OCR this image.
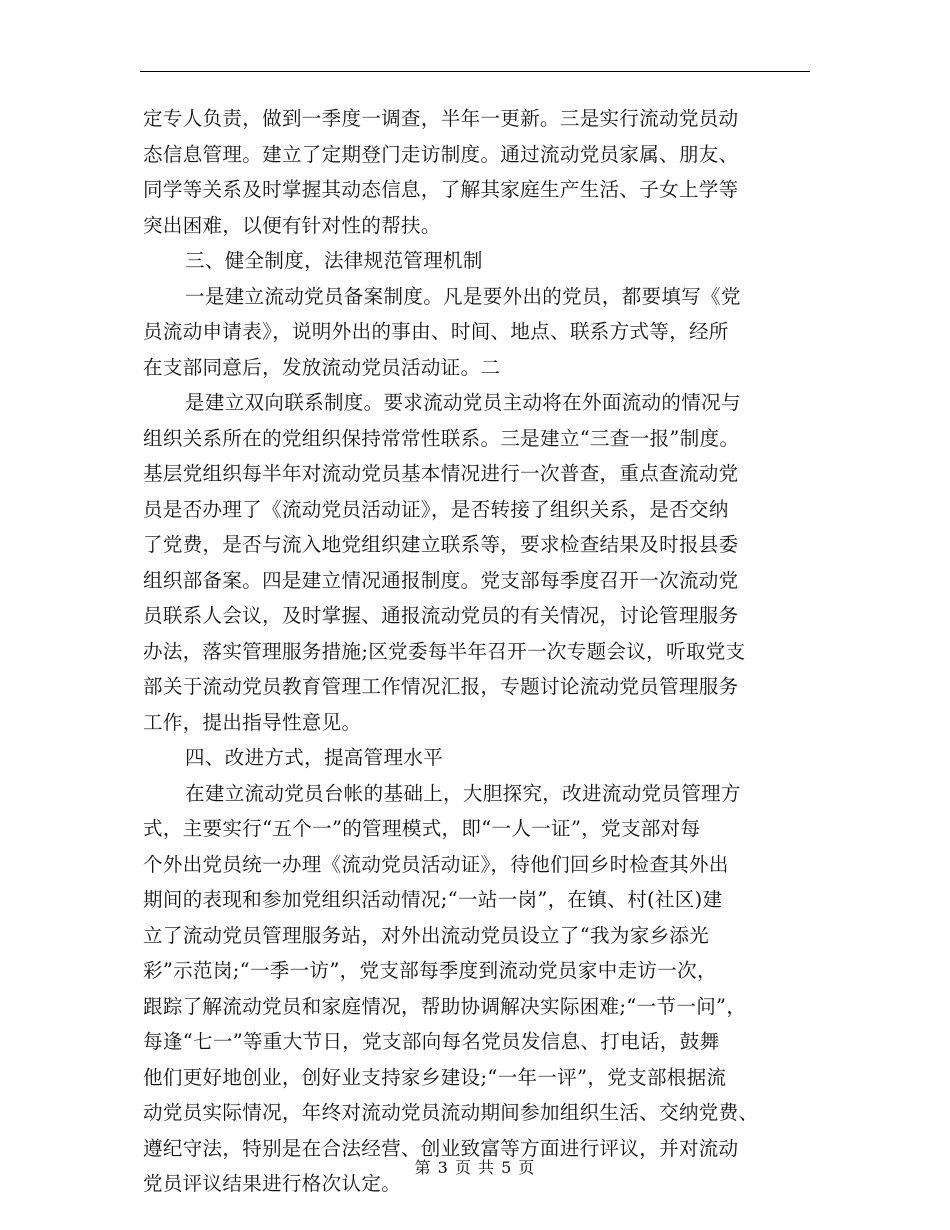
定专人负责，做到一季度一调查，半年一更新。三是实行流动党员动
态信息管理。建立了定期登门走访制度。通过流动党员家属、朋友、
同学等关系及时掌握其动态信息，了解其家庭生产生活、子女上学等
突出困难，以便有针对性的帮扶。
三、健全制度，法律规范管理机制
一是建立流动党员备案制度。凡是要外出的党员，都要填写《党
员流动申请表》，说明外出的事由、时间、地点、联系方式等，经所
在支部同意后，发放流动党员活动证。二
是建立双向联系制度。要求流动党员主动将在外面流动的情况与
组织关系所在的党组织保持常常性联系。三是建立“三查一报”制度。
基层党组织每半年对流动党员基本情况进行一次普查，重点查流动党
员是否办理了《流动党员活动证》，是否转接了组织关系，是否交纳
了党费，是否与流入地党组织建立联系等，要求检查结果及时报县委
组织部备案。四是建立情况通报制度。党支部每季度召开一次流动党
员联系人会议，及时掌握、通报流动党员的有关情况，讨论管理服务
办法，落实管理服务措施;区党委每半年召开一次专题会议，听取党支
部关于流动党员教育管理工作情况汇报，专题讨论流动党员管理服务
工作，提出指导性意见。
四、改进方式，提高管理水平
在建立流动党员台帐的基础上，大胆探究，改进流动党员管理方
式，主要实行“五个一”的管理模式，即“一人一证”，党支部对每
个外出党员统一办理《流动党员活动证》，待他们回乡时检查其外出
期间的表现和参加党组织活动情况;“一站一岗”，在镇、村(社区)建
立了流动党员管理服务站，对外出流动党员设立了“我为家乡添光
彩”示范岗;“一季一访”，党支部每季度到流动党员家中走访一次，
跟踪了解流动党员和家庭情况，帮助协调解决实际困难;“一节一问”，
每逢“七一”等重大节日，党支部向每名党员发信息、打电话，鼓舞
他们更好地创业，创好业支持家乡建设;“一年一评”，党支部根据流
动党员实际情况，年终对流动党员流动期间参加组织生活、交纳党费、
遵纪守法，特别是在合法经营、创业致富等方面进行评议，并对流动
党员评议结果进行格次认定。
第 3 页 共 5 页
